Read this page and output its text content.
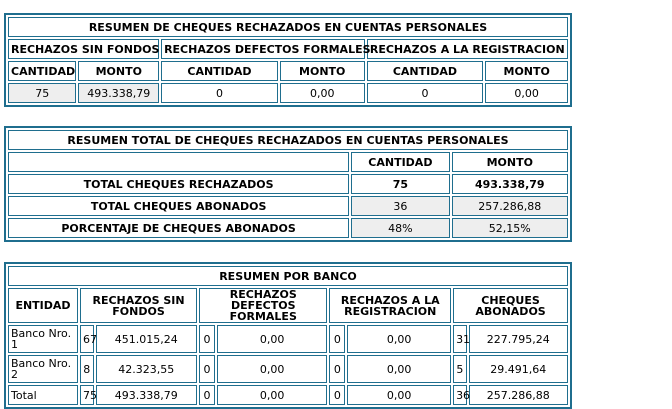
RESUMEN DE CHEQUES RECHAZADOS EN CUENTAS PERSONALES					
RECHAZOS SIN FONDOS		RECHAZOS DEFECTOS FORMALES		RECHAZOS A LA REGISTRACION	
CANTIDAD	MONTO	CANTIDAD	MONTO	CANTIDAD	MONTO
75	493.338,79	0	0,00	0	0,00
RESUMEN TOTAL DE CHEQUES RECHAZADOS EN CUENTAS PERSONALES		
	CANTIDAD	MONTO
TOTAL CHEQUES RECHAZADOS	75	493.338,79
TOTAL CHEQUES ABONADOS	36	257.286,88
PORCENTAJE DE CHEQUES ABONADOS	48%	52,15%
RESUMEN POR BANCO								
ENTIDAD	RECHAZOS SIN FONDOS		RECHAZOS DEFECTOS FORMALES		RECHAZOS A LA REGISTRACION		CHEQUES ABONADOS	
Banco Nro. 1	67	451.015,24	0	0,00	0	0,00	31	227.795,24
Banco Nro. 2	8	42.323,55	0	0,00	0	0,00	5	29.491,64
Total	75	493.338,79	0	0,00	0	0,00	36	257.286,88
